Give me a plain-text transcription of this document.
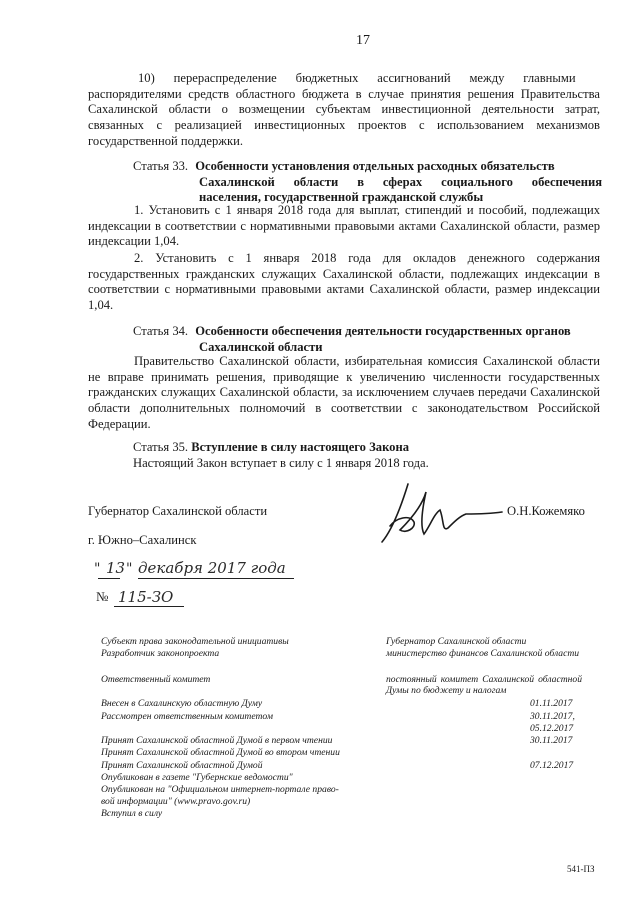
17
10)      перераспределение      бюджетных      ассигнований      между      главными
распорядителями средств областного бюджета в случае принятия решения Правительства Сахалинской области о возмещении субъектам инвестиционной деятельности затрат, связанных с реализацией инвестиционных проектов с использованием механизмов государственной поддержки.
Статья 33. Особенности установления отдельных расходных обязательств
Сахалинской      области      в      сферах      социального      обеспечения
населения, государственной гражданской службы
1. Установить с 1 января 2018 года для выплат, стипендий и пособий, подлежащих индексации в соответствии с нормативными правовыми актами Сахалинской области, размер индексации 1,04.
2. Установить с 1 января 2018 года для окладов денежного содержания государственных гражданских служащих Сахалинской области, подлежащих индексации в соответствии с нормативными правовыми актами Сахалинской области, размер индексации 1,04.
Статья 34. Особенности обеспечения деятельности государственных органов
Сахалинской области
Правительство Сахалинской области, избирательная комиссия Сахалинской области не вправе принимать решения, приводящие к увеличению численности государственных гражданских служащих Сахалинской области, за исключением случаев передачи Сахалинской области дополнительных полномочий в соответствии с законодательством Российской Федерации.
Статья 35. Вступление в силу настоящего Закона
Настоящий Закон вступает в силу с 1 января 2018 года.
Губернатор Сахалинской области	О.Н.Кожемяко
г. Южно–Сахалинск
" 13 " декабря 2017 года
№ 115-ЗО
Субъект права законодательной инициативы	Губернатор Сахалинской области
Разработчик законопроекта	министерство финансов Сахалинской области
Ответственный комитет	постоянный комитет Сахалинской областной Думы по бюджету и налогам
Внесен в Сахалинскую областную Думу	01.11.2017
Рассмотрен ответственным комитетом	30.11.2017,
05.12.2017
Принят Сахалинской областной Думой в первом чтении	30.11.2017
Принят Сахалинской областной Думой во втором чтении
Принят Сахалинской областной Думой	07.12.2017
Опубликован в газете "Губернские ведомости"
Опубликован на "Официальном интернет-портале право-
вой информации" (www.pravo.gov.ru)
Вступил в силу
541-ПЗ
